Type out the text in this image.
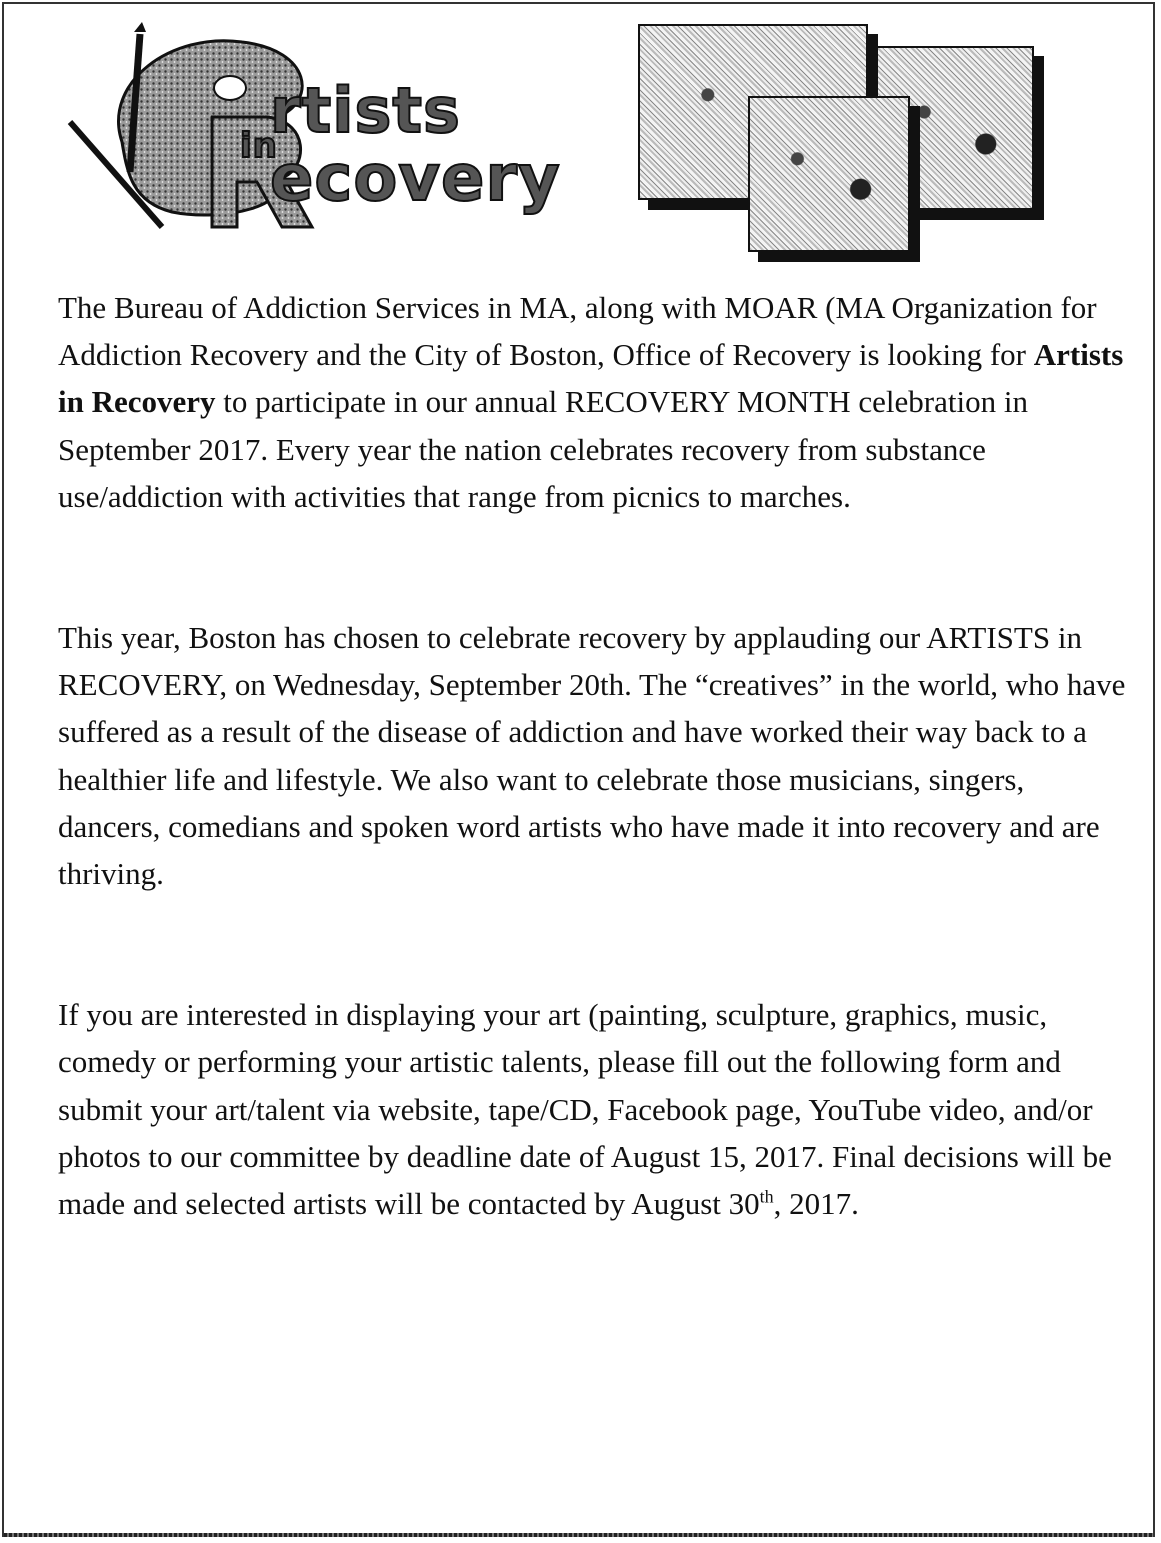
rtists
in
ecovery

The Bureau of Addiction Services in MA, along with MOAR (MA Organization for Addiction Recovery and the City of Boston, Office of Recovery is looking for Artists in Recovery to participate in our annual RECOVERY MONTH celebration in September 2017. Every year the nation celebrates recovery from substance use/addiction with activities that range from picnics to marches.

This year, Boston has chosen to celebrate recovery by applauding our ARTISTS in RECOVERY, on Wednesday, September 20th. The “creatives” in the world, who have suffered as a result of the disease of addiction and have worked their way back to a healthier life and lifestyle. We also want to celebrate those musicians, singers, dancers, comedians and spoken word artists who have made it into recovery and are thriving.

If you are interested in displaying your art (painting, sculpture, graphics, music, comedy or performing your artistic talents, please fill out the following form and submit your art/talent via website, tape/CD, Facebook page, YouTube video, and/or photos to our committee by deadline date of August 15, 2017. Final decisions will be made and selected artists will be contacted by August 30th, 2017.
